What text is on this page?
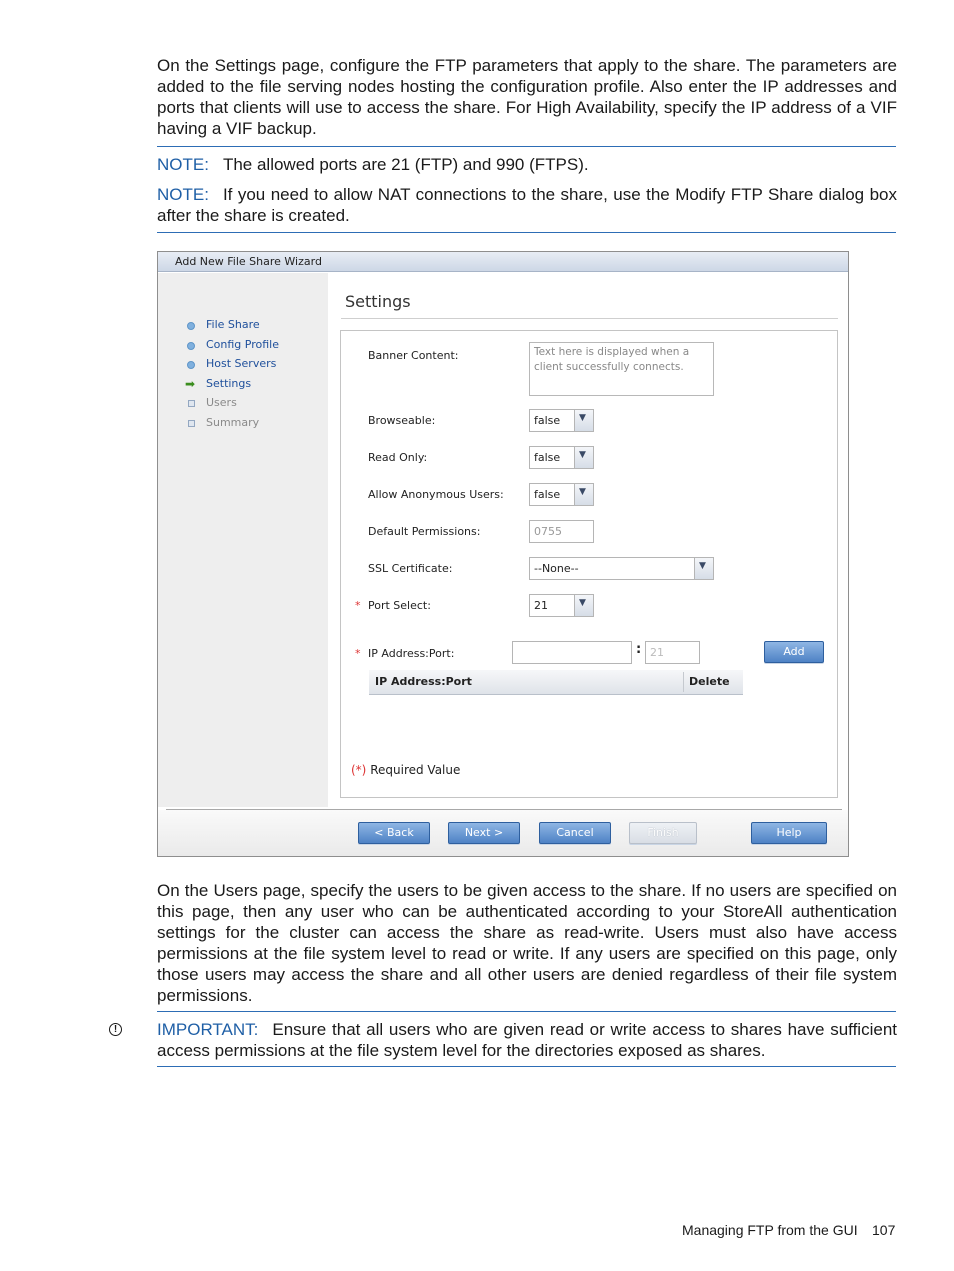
On the Settings page, configure the FTP parameters that apply to the share. The parameters are added to the file serving nodes hosting the configuration profile. Also enter the IP addresses and ports that clients will use to access the share. For High Availability, specify the IP address of a VIF having a VIF backup.

NOTE: The allowed ports are 21 (FTP) and 990 (FTPS).

NOTE: If you need to allow NAT connections to the share, use the Modify FTP Share dialog box after the share is created.

Add New File Share Wizard
File Share
Config Profile
Host Servers
➡ Settings
Users
Summary
Settings
Banner Content:	Text here is displayed when a client successfully connects.
Browseable:	false ▼
Read Only:	false ▼
Allow Anonymous Users:	false ▼
Default Permissions:	0755
SSL Certificate:	--None--	▼
* Port Select:	21	▼
* IP Address:Port:	: 21	Add
IP Address:Port	Delete
(*) Required Value
< Back	Next >	Cancel	Finish	Help

On the Users page, specify the users to be given access to the share. If no users are specified on this page, then any user who can be authenticated according to your StoreAll authentication settings for the cluster can access the share as read-write. Users must also have access permissions at the file system level to read or write. If any users are specified on this page, only those users may access the share and all other users are denied regardless of their file system permissions.

! IMPORTANT: Ensure that all users who are given read or write access to shares have sufficient access permissions at the file system level for the directories exposed as shares.

Managing FTP from the GUI 107
